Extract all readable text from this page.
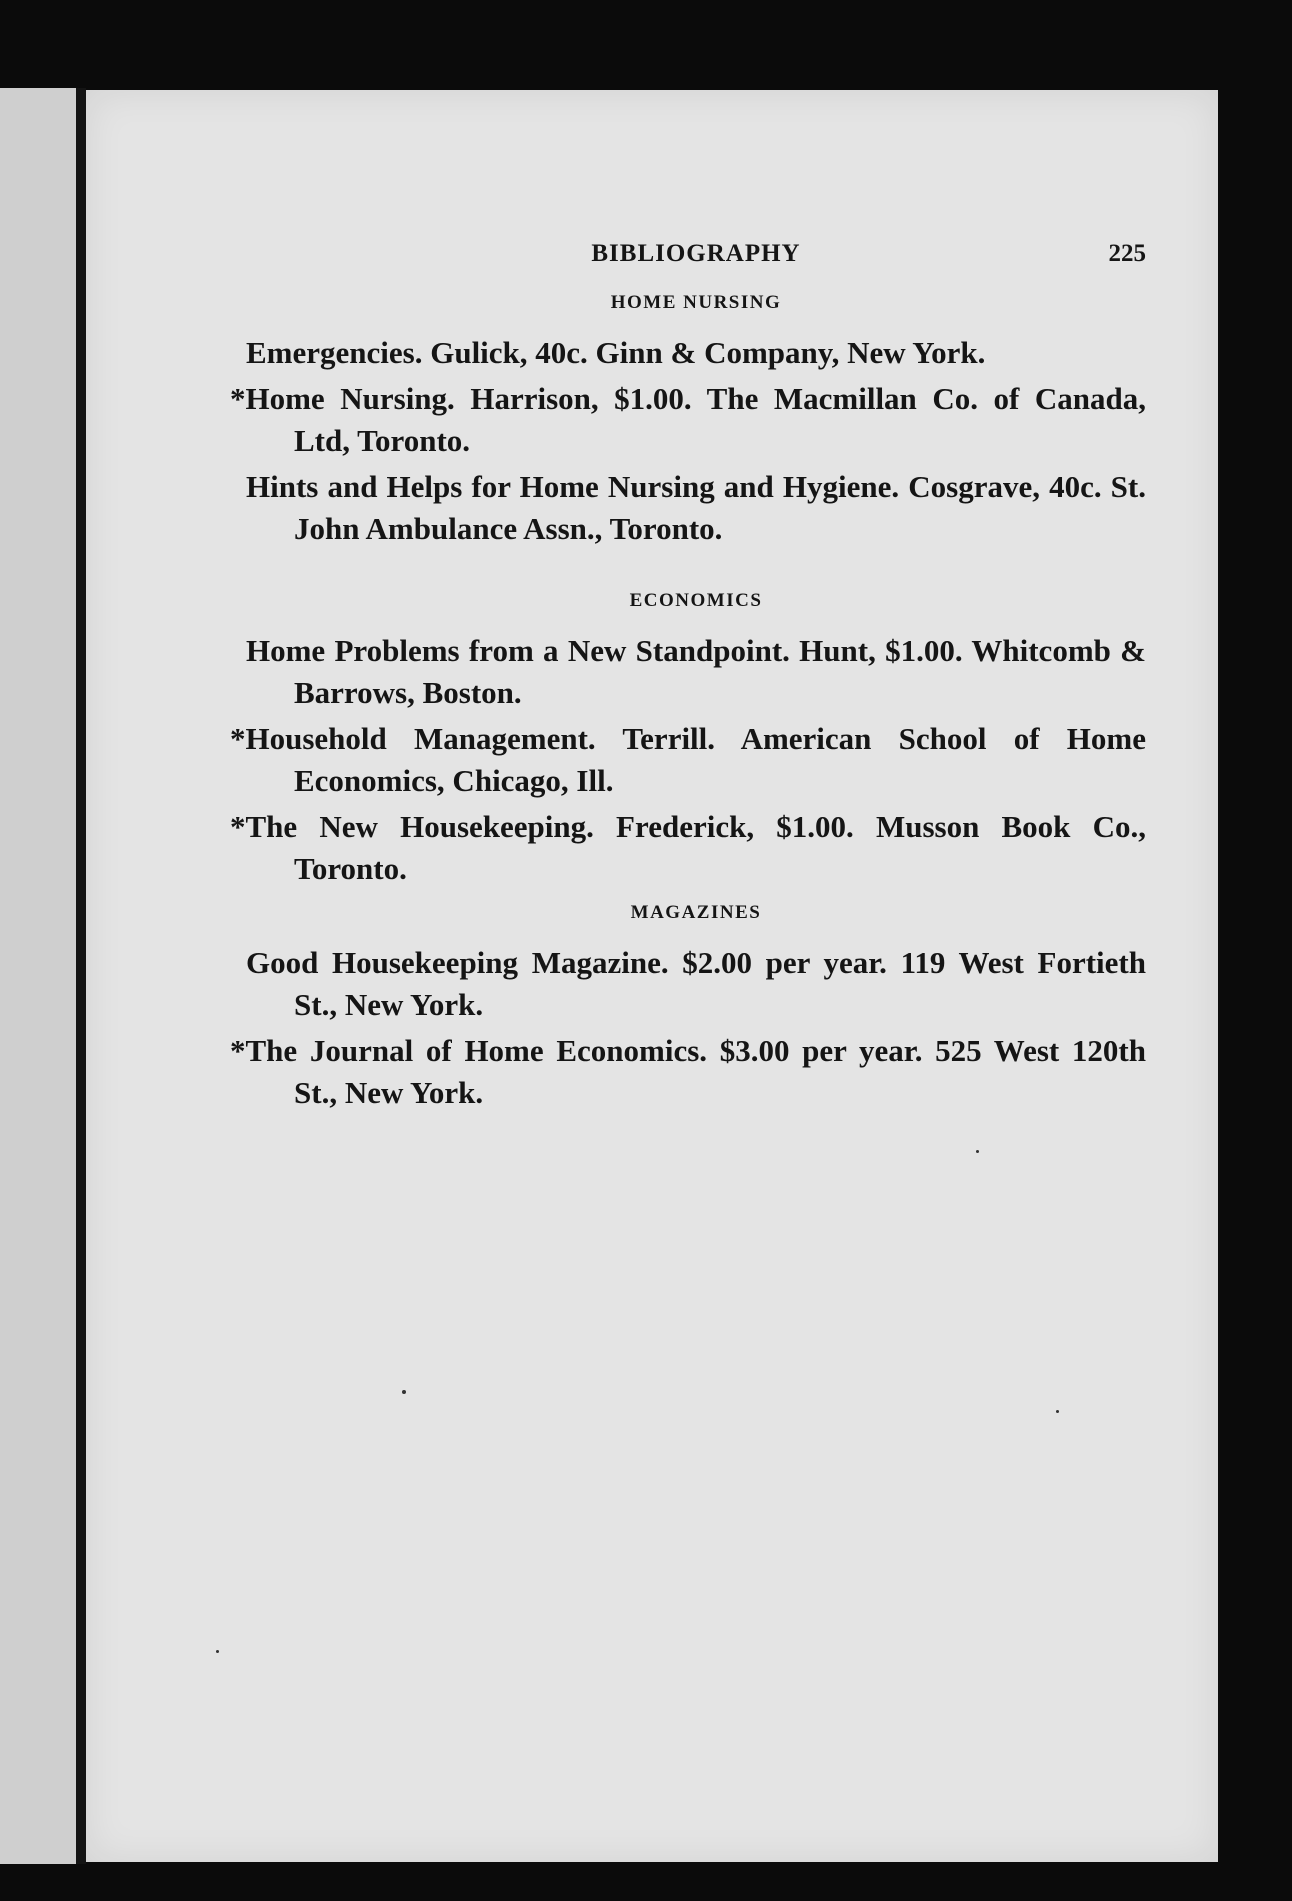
BIBLIOGRAPHY	225
HOME NURSING
Emergencies. Gulick, 40c. Ginn & Company, New York.
*Home Nursing. Harrison, $1.00. The Macmillan Co. of Canada, Ltd, Toronto.
Hints and Helps for Home Nursing and Hygiene. Cosgrave, 40c. St. John Ambulance Assn., Toronto.
ECONOMICS
Home Problems from a New Standpoint. Hunt, $1.00. Whitcomb & Barrows, Boston.
*Household Management. Terrill. American School of Home Economics, Chicago, Ill.
*The New Housekeeping. Frederick, $1.00. Musson Book Co., Toronto.
MAGAZINES
Good Housekeeping Magazine. $2.00 per year. 119 West Fortieth St., New York.
*The Journal of Home Economics. $3.00 per year. 525 West 120th St., New York.
